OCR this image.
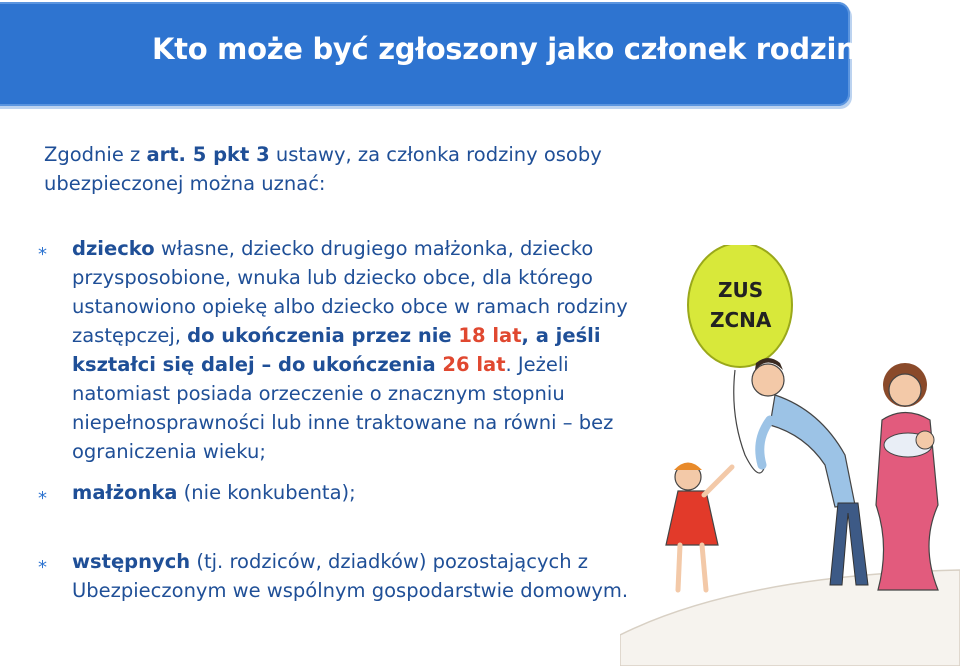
Kto może być zgłoszony jako członek rodziny
Zgodnie z art. 5 pkt 3 ustawy, za członka rodziny osoby ubezpieczonej można uznać:
* dziecko własne, dziecko drugiego małżonka, dziecko przysposobione, wnuka lub dziecko obce, dla którego ustanowiono opiekę albo dziecko obce w ramach rodziny zastępczej, do ukończenia przez nie 18 lat, a jeśli kształci się dalej – do ukończenia 26 lat. Jeżeli natomiast posiada orzeczenie o znacznym stopniu niepełnosprawności lub inne traktowane na równi – bez ograniczenia wieku;
* małżonka (nie konkubenta);
* wstępnych (tj. rodziców, dziadków) pozostających z Ubezpieczonym we wspólnym gospodarstwie domowym.
ZUS
ZCNA
